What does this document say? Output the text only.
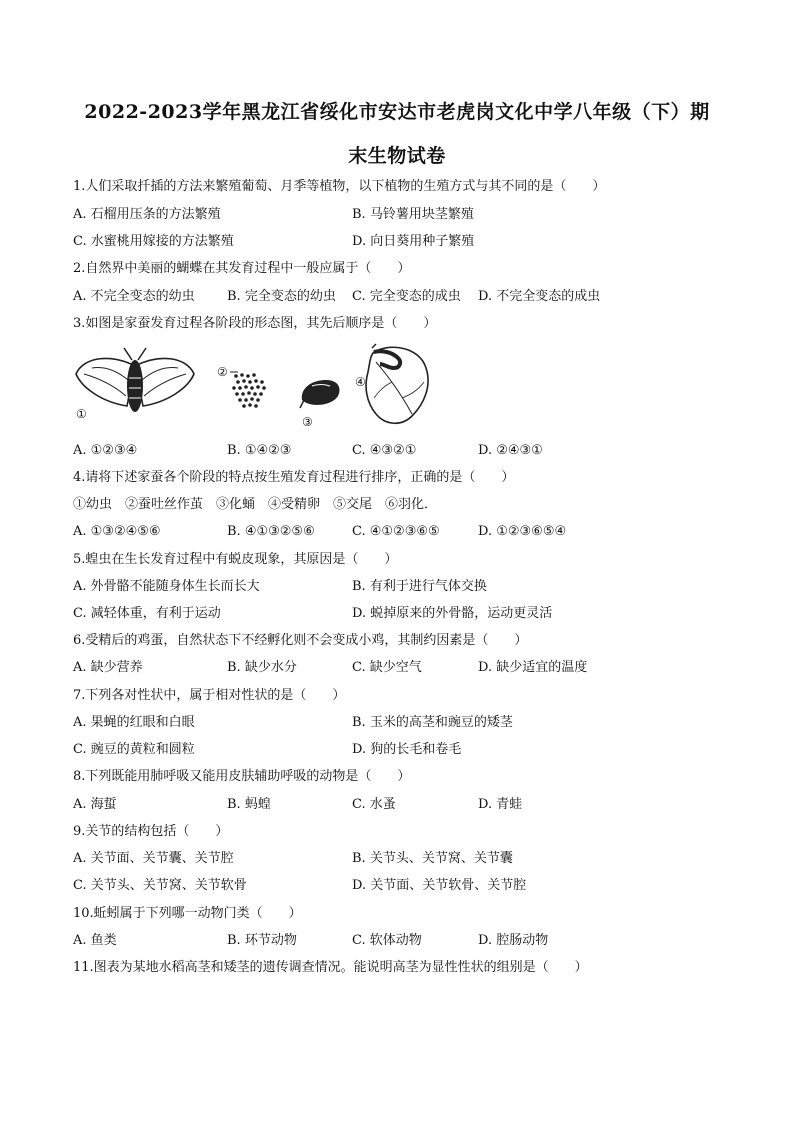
2022-2023学年黑龙江省绥化市安达市老虎岗文化中学八年级（下）期
末生物试卷
1.人们采取扦插的方法来繁殖葡萄、月季等植物，以下植物的生殖方式与其不同的是（　　）
A. 石榴用压条的方法繁殖	B. 马铃薯用块茎繁殖
C. 水蜜桃用嫁接的方法繁殖	D. 向日葵用种子繁殖
2.自然界中美丽的蝴蝶在其发育过程中一般应属于（　　）
A. 不完全变态的幼虫 B. 完全变态的幼虫 C. 完全变态的成虫 D. 不完全变态的成虫
3.如图是家蚕发育过程各阶段的形态图，其先后顺序是（　　）
①
②
③
④
A. ①②③④	B. ①④②③	C. ④③②①	D. ②④③①
4.请将下述家蚕各个阶段的特点按生殖发育过程进行排序，正确的是（　　）
①幼虫　②蚕吐丝作茧　③化蛹　④受精卵　⑤交尾　⑥羽化．
A. ①③②④⑤⑥	B. ④①③②⑤⑥	C. ④①②③⑥⑤	D. ①②③⑥⑤④
5.蝗虫在生长发育过程中有蜕皮现象，其原因是（　　）
A. 外骨骼不能随身体生长而长大	B. 有利于进行气体交换
C. 减轻体重，有利于运动	D. 蜕掉原来的外骨骼，运动更灵活
6.受精后的鸡蛋，自然状态下不经孵化则不会变成小鸡，其制约因素是（　　）
A. 缺少营养	B. 缺少水分	C. 缺少空气	D. 缺少适宜的温度
7.下列各对性状中，属于相对性状的是（　　）
A. 果蝇的红眼和白眼	B. 玉米的高茎和豌豆的矮茎
C. 豌豆的黄粒和圆粒	D. 狗的长毛和卷毛
8.下列既能用肺呼吸又能用皮肤辅助呼吸的动物是（　　）
A. 海蜇	B. 蚂蝗	C. 水蚤	D. 青蛙
9.关节的结构包括（　　）
A. 关节面、关节囊、关节腔	B. 关节头、关节窝、关节囊
C. 关节头、关节窝、关节软骨	D. 关节面、关节软骨、关节腔
10.蚯蚓属于下列哪一动物门类（　　）
A. 鱼类	B. 环节动物	C. 软体动物	D. 腔肠动物
11.图表为某地水稻高茎和矮茎的遗传调查情况。能说明高茎为显性性状的组别是（　　）
